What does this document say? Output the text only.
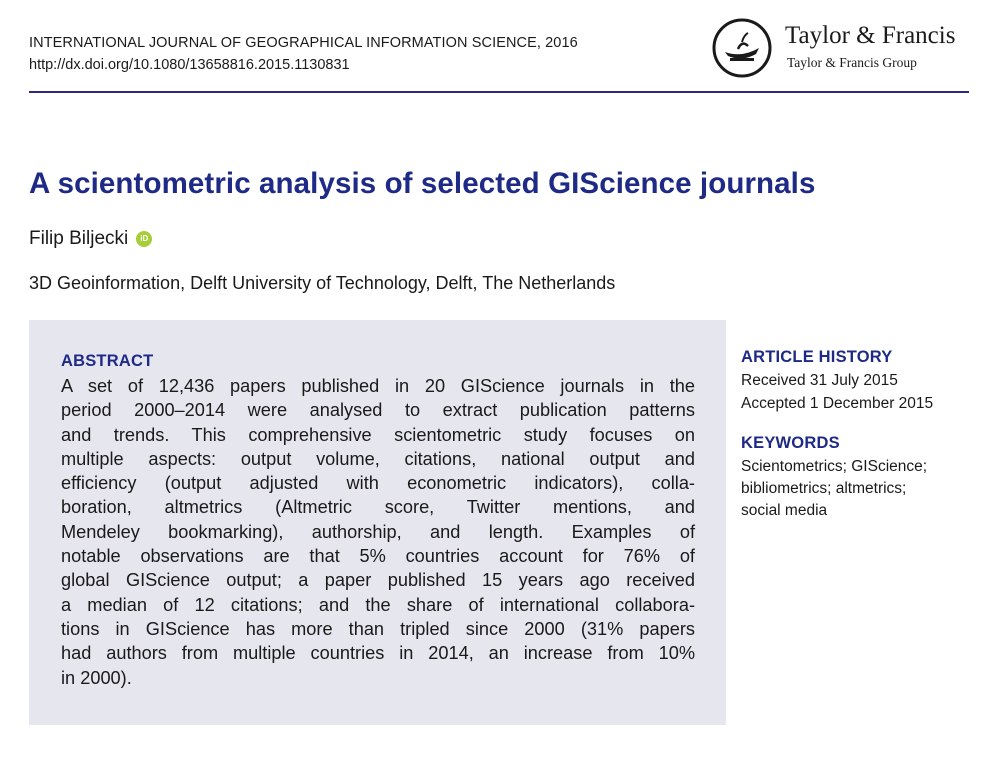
INTERNATIONAL JOURNAL OF GEOGRAPHICAL INFORMATION SCIENCE, 2016
http://dx.doi.org/10.1080/13658816.2015.1130831
Taylor & Francis
Taylor & Francis Group
A scientometric analysis of selected GIScience journals
Filip Biljecki	iD
3D Geoinformation, Delft University of Technology, Delft, The Netherlands
ABSTRACT
A set of 12,436 papers published in 20 GIScience journals in the
period 2000–2014 were analysed to extract publication patterns
and trends. This comprehensive scientometric study focuses on
multiple aspects: output volume, citations, national output and
efficiency (output adjusted with econometric indicators), colla-
boration, altmetrics (Altmetric score, Twitter mentions, and
Mendeley bookmarking), authorship, and length. Examples of
notable observations are that 5% countries account for 76% of
global GIScience output; a paper published 15 years ago received
a median of 12 citations; and the share of international collabora-
tions in GIScience has more than tripled since 2000 (31% papers
had authors from multiple countries in 2014, an increase from 10%
in 2000).
ARTICLE HISTORY
Received 31 July 2015
Accepted 1 December 2015
KEYWORDS
Scientometrics; GIScience;
bibliometrics; altmetrics;
social media
